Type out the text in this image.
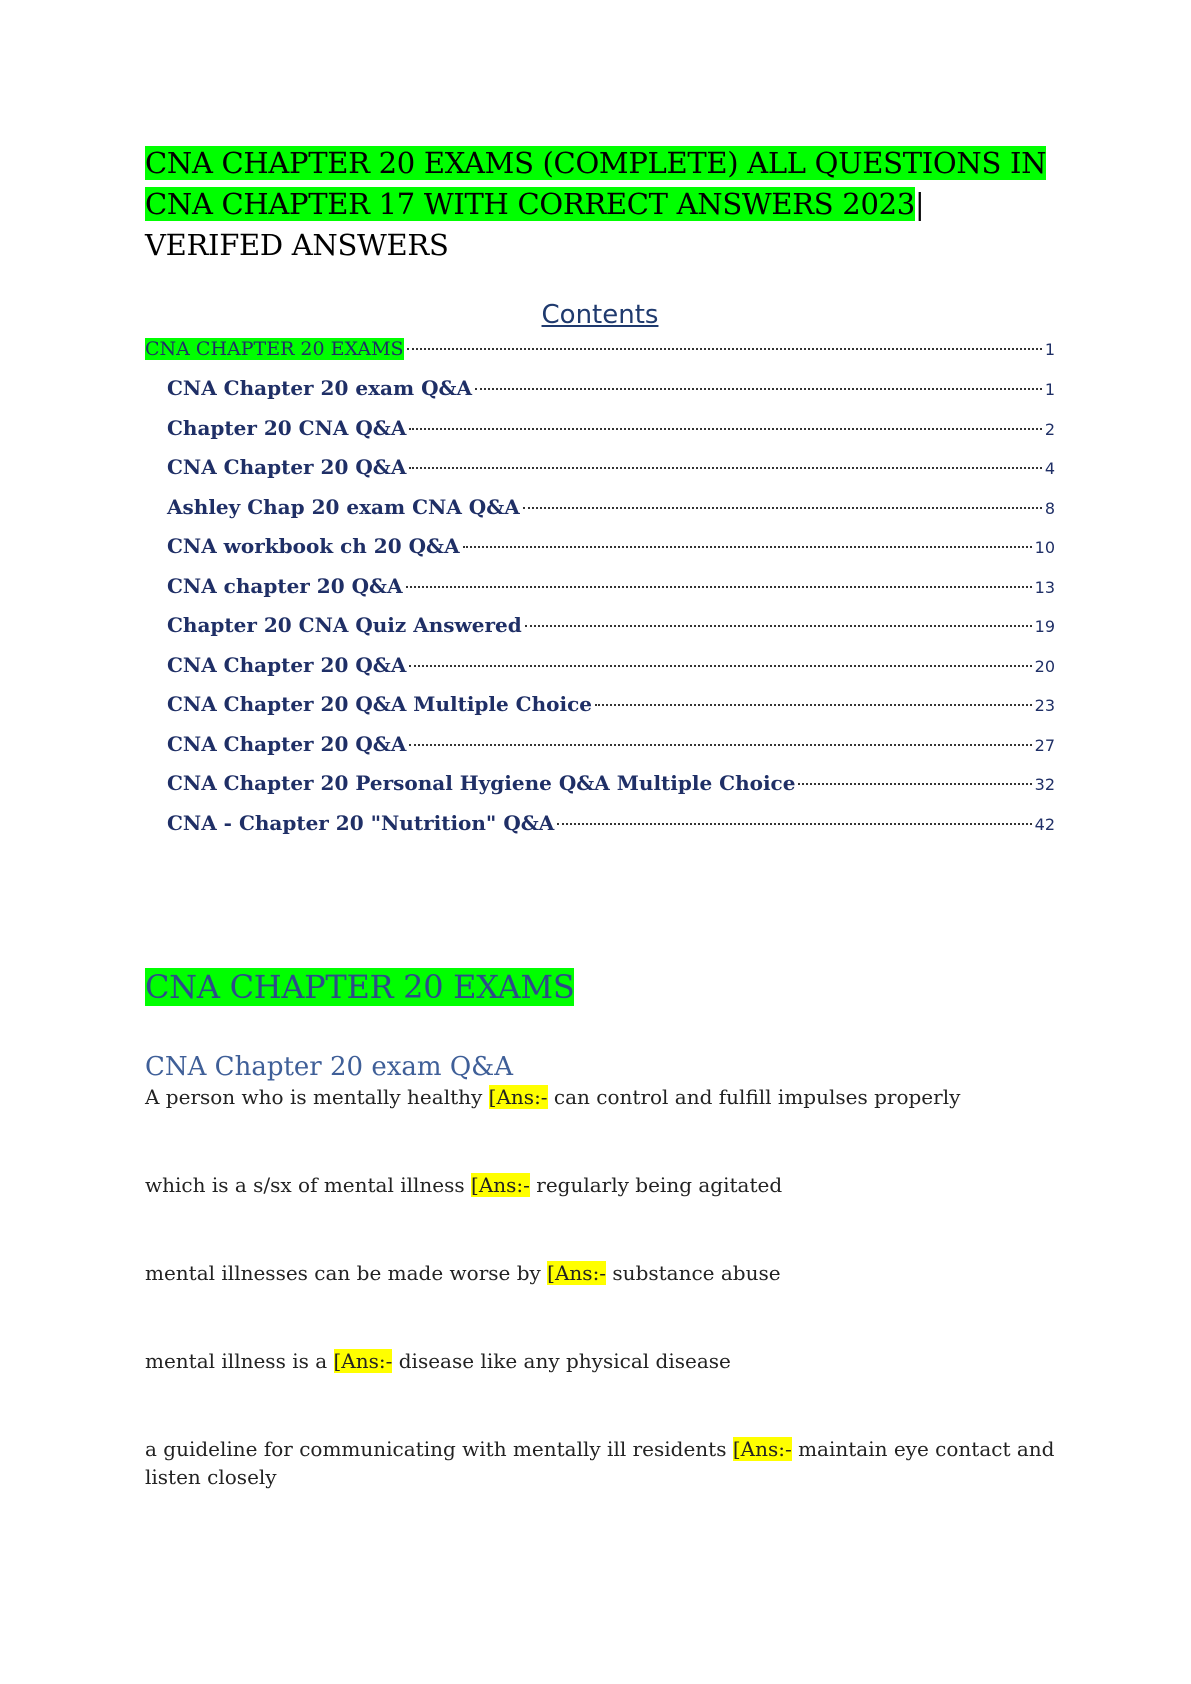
CNA CHAPTER 20 EXAMS (COMPLETE) ALL QUESTIONS IN CNA CHAPTER 17 WITH CORRECT ANSWERS 2023|
VERIFED ANSWERS
Contents
CNA CHAPTER 20 EXAMS	1
CNA Chapter 20 exam Q&A	1
Chapter 20 CNA Q&A	2
CNA Chapter 20 Q&A	4
Ashley Chap 20 exam CNA Q&A	8
CNA workbook ch 20 Q&A	10
CNA chapter 20 Q&A	13
Chapter 20 CNA Quiz Answered	19
CNA Chapter 20 Q&A	20
CNA Chapter 20 Q&A Multiple Choice	23
CNA Chapter 20 Q&A	27
CNA Chapter 20 Personal Hygiene Q&A Multiple Choice	32
CNA - Chapter 20 "Nutrition" Q&A	42
CNA CHAPTER 20 EXAMS
CNA Chapter 20 exam Q&A
A person who is mentally healthy [Ans:- can control and fulfill impulses properly
which is a s/sx of mental illness [Ans:- regularly being agitated
mental illnesses can be made worse by [Ans:- substance abuse
mental illness is a [Ans:- disease like any physical disease
a guideline for communicating with mentally ill residents [Ans:- maintain eye contact and listen closely
